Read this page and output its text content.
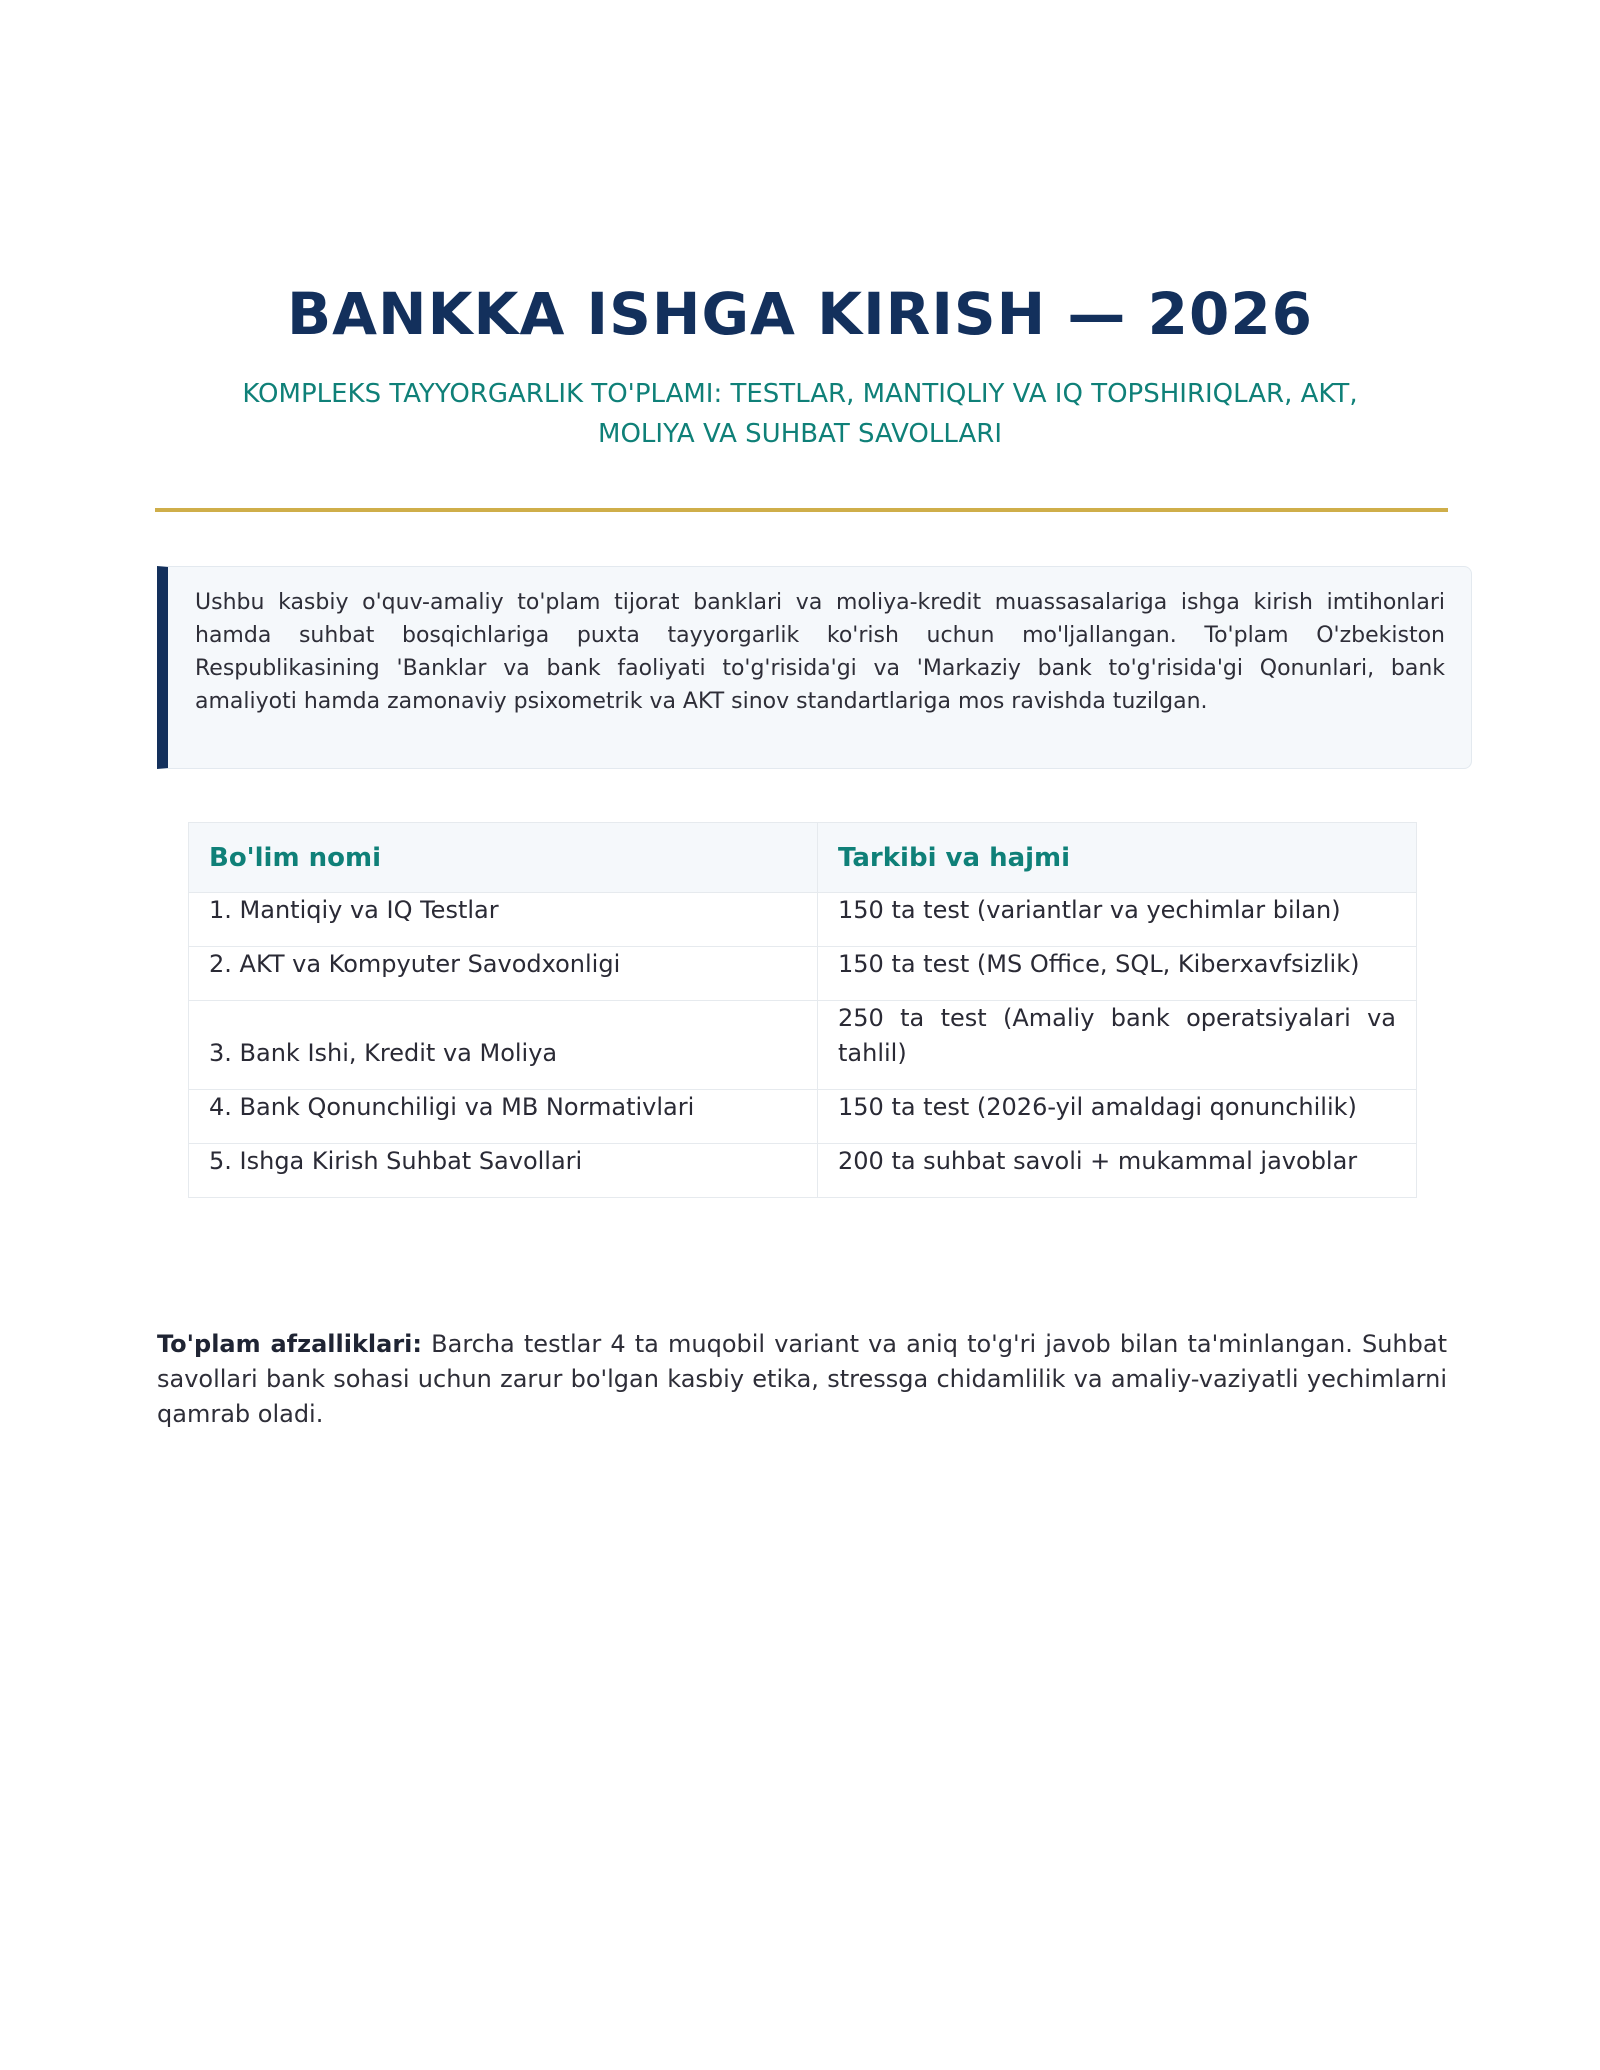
BANKKA ISHGA KIRISH — 2026
KOMPLEKS TAYYORGARLIK TO'PLAMI: TESTLAR, MANTIQLIY VA IQ TOPSHIRIQLAR, AKT,
MOLIYA VA SUHBAT SAVOLLARI
Ushbu kasbiy o'quv-amaliy to'plam tijorat banklari va moliya-kredit muassasalariga ishga kirish imtihonlari hamda suhbat bosqichlariga puxta tayyorgarlik ko'rish uchun mo'ljallangan. To'plam O'zbekiston Respublikasining 'Banklar va bank faoliyati to'g'risida'gi va 'Markaziy bank to'g'risida'gi Qonunlari, bank amaliyoti hamda zamonaviy psixometrik va AKT sinov standartlariga mos ravishda tuzilgan.
Bo'lim nomi	Tarkibi va hajmi
1. Mantiqiy va IQ Testlar	150 ta test (variantlar va yechimlar bilan)
2. AKT va Kompyuter Savodxonligi	150 ta test (MS Office, SQL, Kiberxavfsizlik)
3. Bank Ishi, Kredit va Moliya	250 ta test (Amaliy bank operatsiyalari va tahlil)
4. Bank Qonunchiligi va MB Normativlari	150 ta test (2026-yil amaldagi qonunchilik)
5. Ishga Kirish Suhbat Savollari	200 ta suhbat savoli + mukammal javoblar

To'plam afzalliklari: Barcha testlar 4 ta muqobil variant va aniq to'g'ri javob bilan ta'minlangan. Suhbat savollari bank sohasi uchun zarur bo'lgan kasbiy etika, stressga chidamlilik va amaliy-vaziyatli yechimlarni qamrab oladi.
